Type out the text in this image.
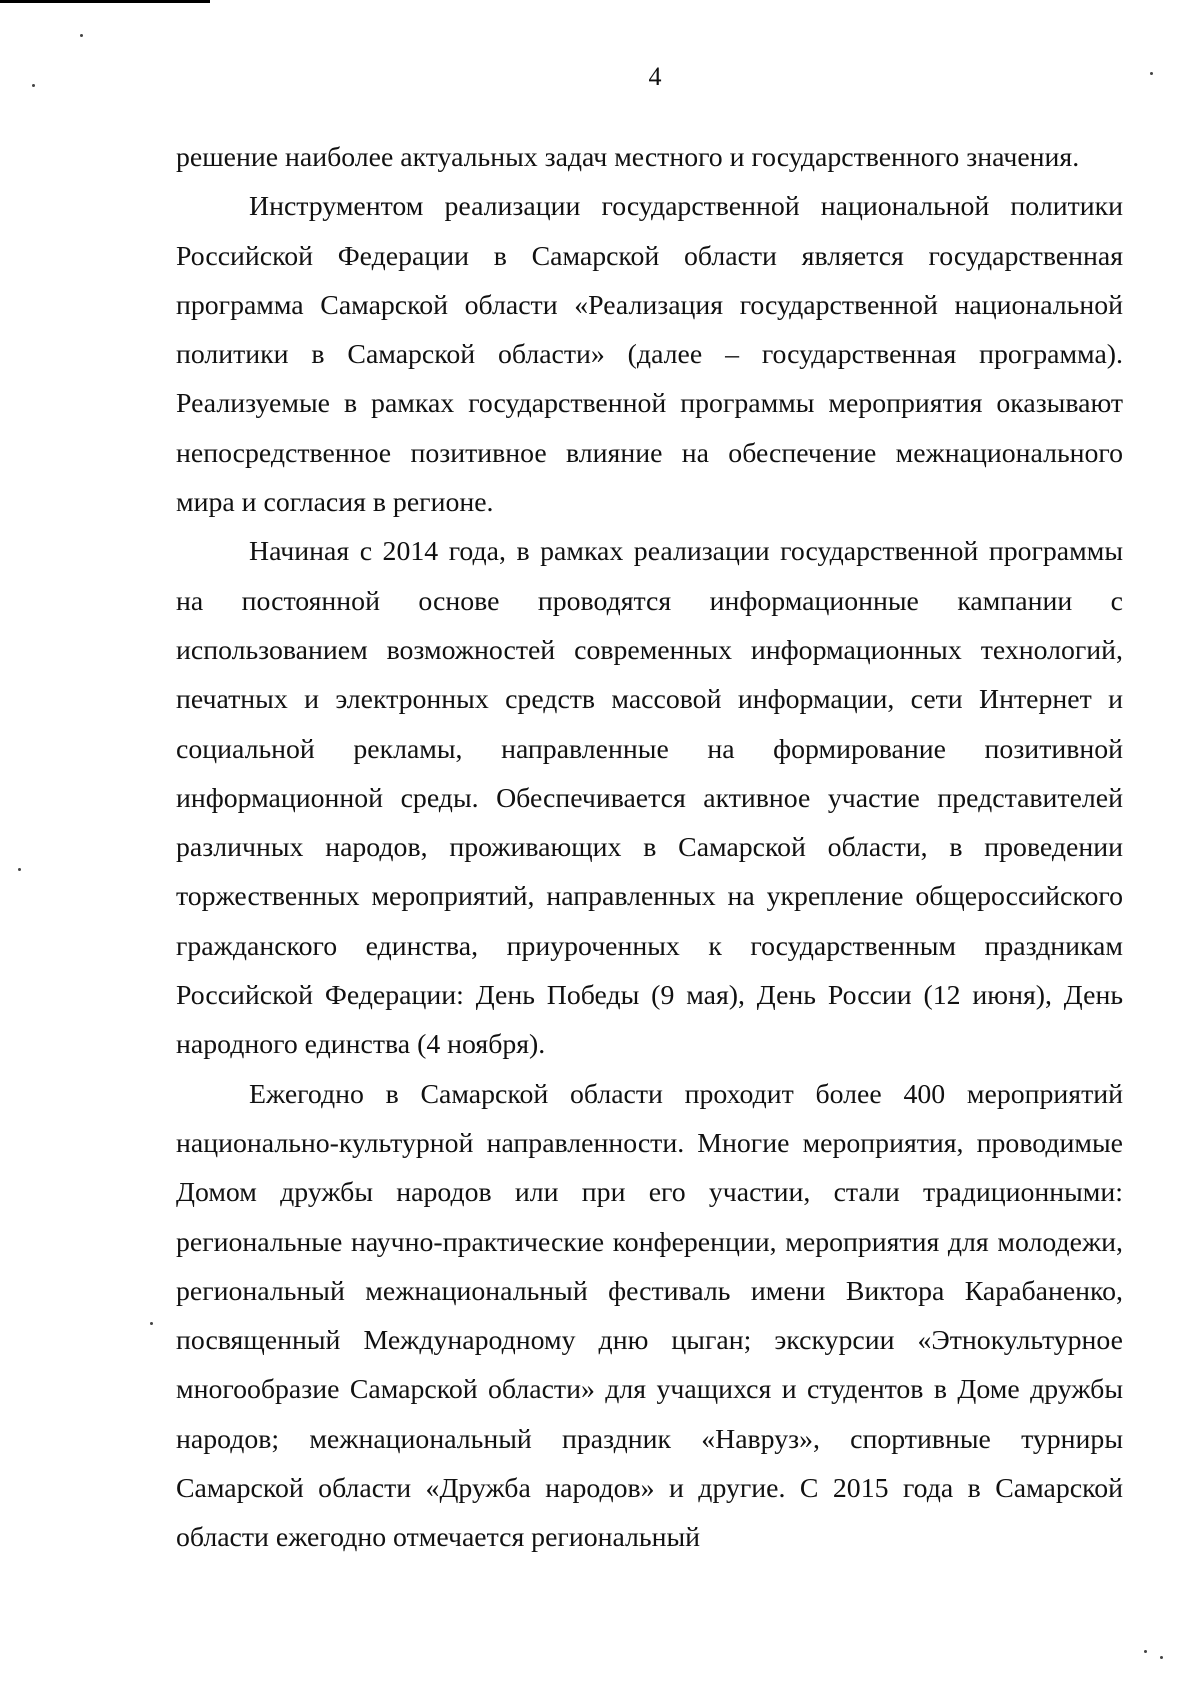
4

решение наиболее актуальных задач местного и государственного значения.

Инструментом реализации государственной национальной политики Российской Федерации в Самарской области является государственная программа Самарской области «Реализация государственной национальной политики в Самарской области» (далее – государственная программа). Реализуемые в рамках государственной программы мероприятия оказывают непосредственное позитивное влияние на обеспечение межнационального мира и согласия в регионе.

Начиная с 2014 года, в рамках реализации государственной программы на постоянной основе проводятся информационные кампании с использованием возможностей современных информационных технологий, печатных и электронных средств массовой информации, сети Интернет и социальной рекламы, направленные на формирование позитивной информационной среды. Обеспечивается активное участие представителей различных народов, проживающих в Самарской области, в проведении торжественных мероприятий, направленных на укрепление общероссийского гражданского единства, приуроченных к государственным праздникам Российской Федерации: День Победы (9 мая), День России (12 июня), День народного единства (4 ноября).

Ежегодно в Самарской области проходит более 400 мероприятий национально-культурной направленности. Многие мероприятия, проводимые Домом дружбы народов или при его участии, стали традиционными: региональные научно-практические конференции, мероприятия для молодежи, региональный межнациональный фестиваль имени Виктора Карабаненко, посвященный Международному дню цыган; экскурсии «Этнокультурное многообразие Самарской области» для учащихся и студентов в Доме дружбы народов; межнациональный праздник «Навруз», спортивные турниры Самарской области «Дружба народов» и другие. С 2015 года в Самарской области ежегодно отмечается региональный
